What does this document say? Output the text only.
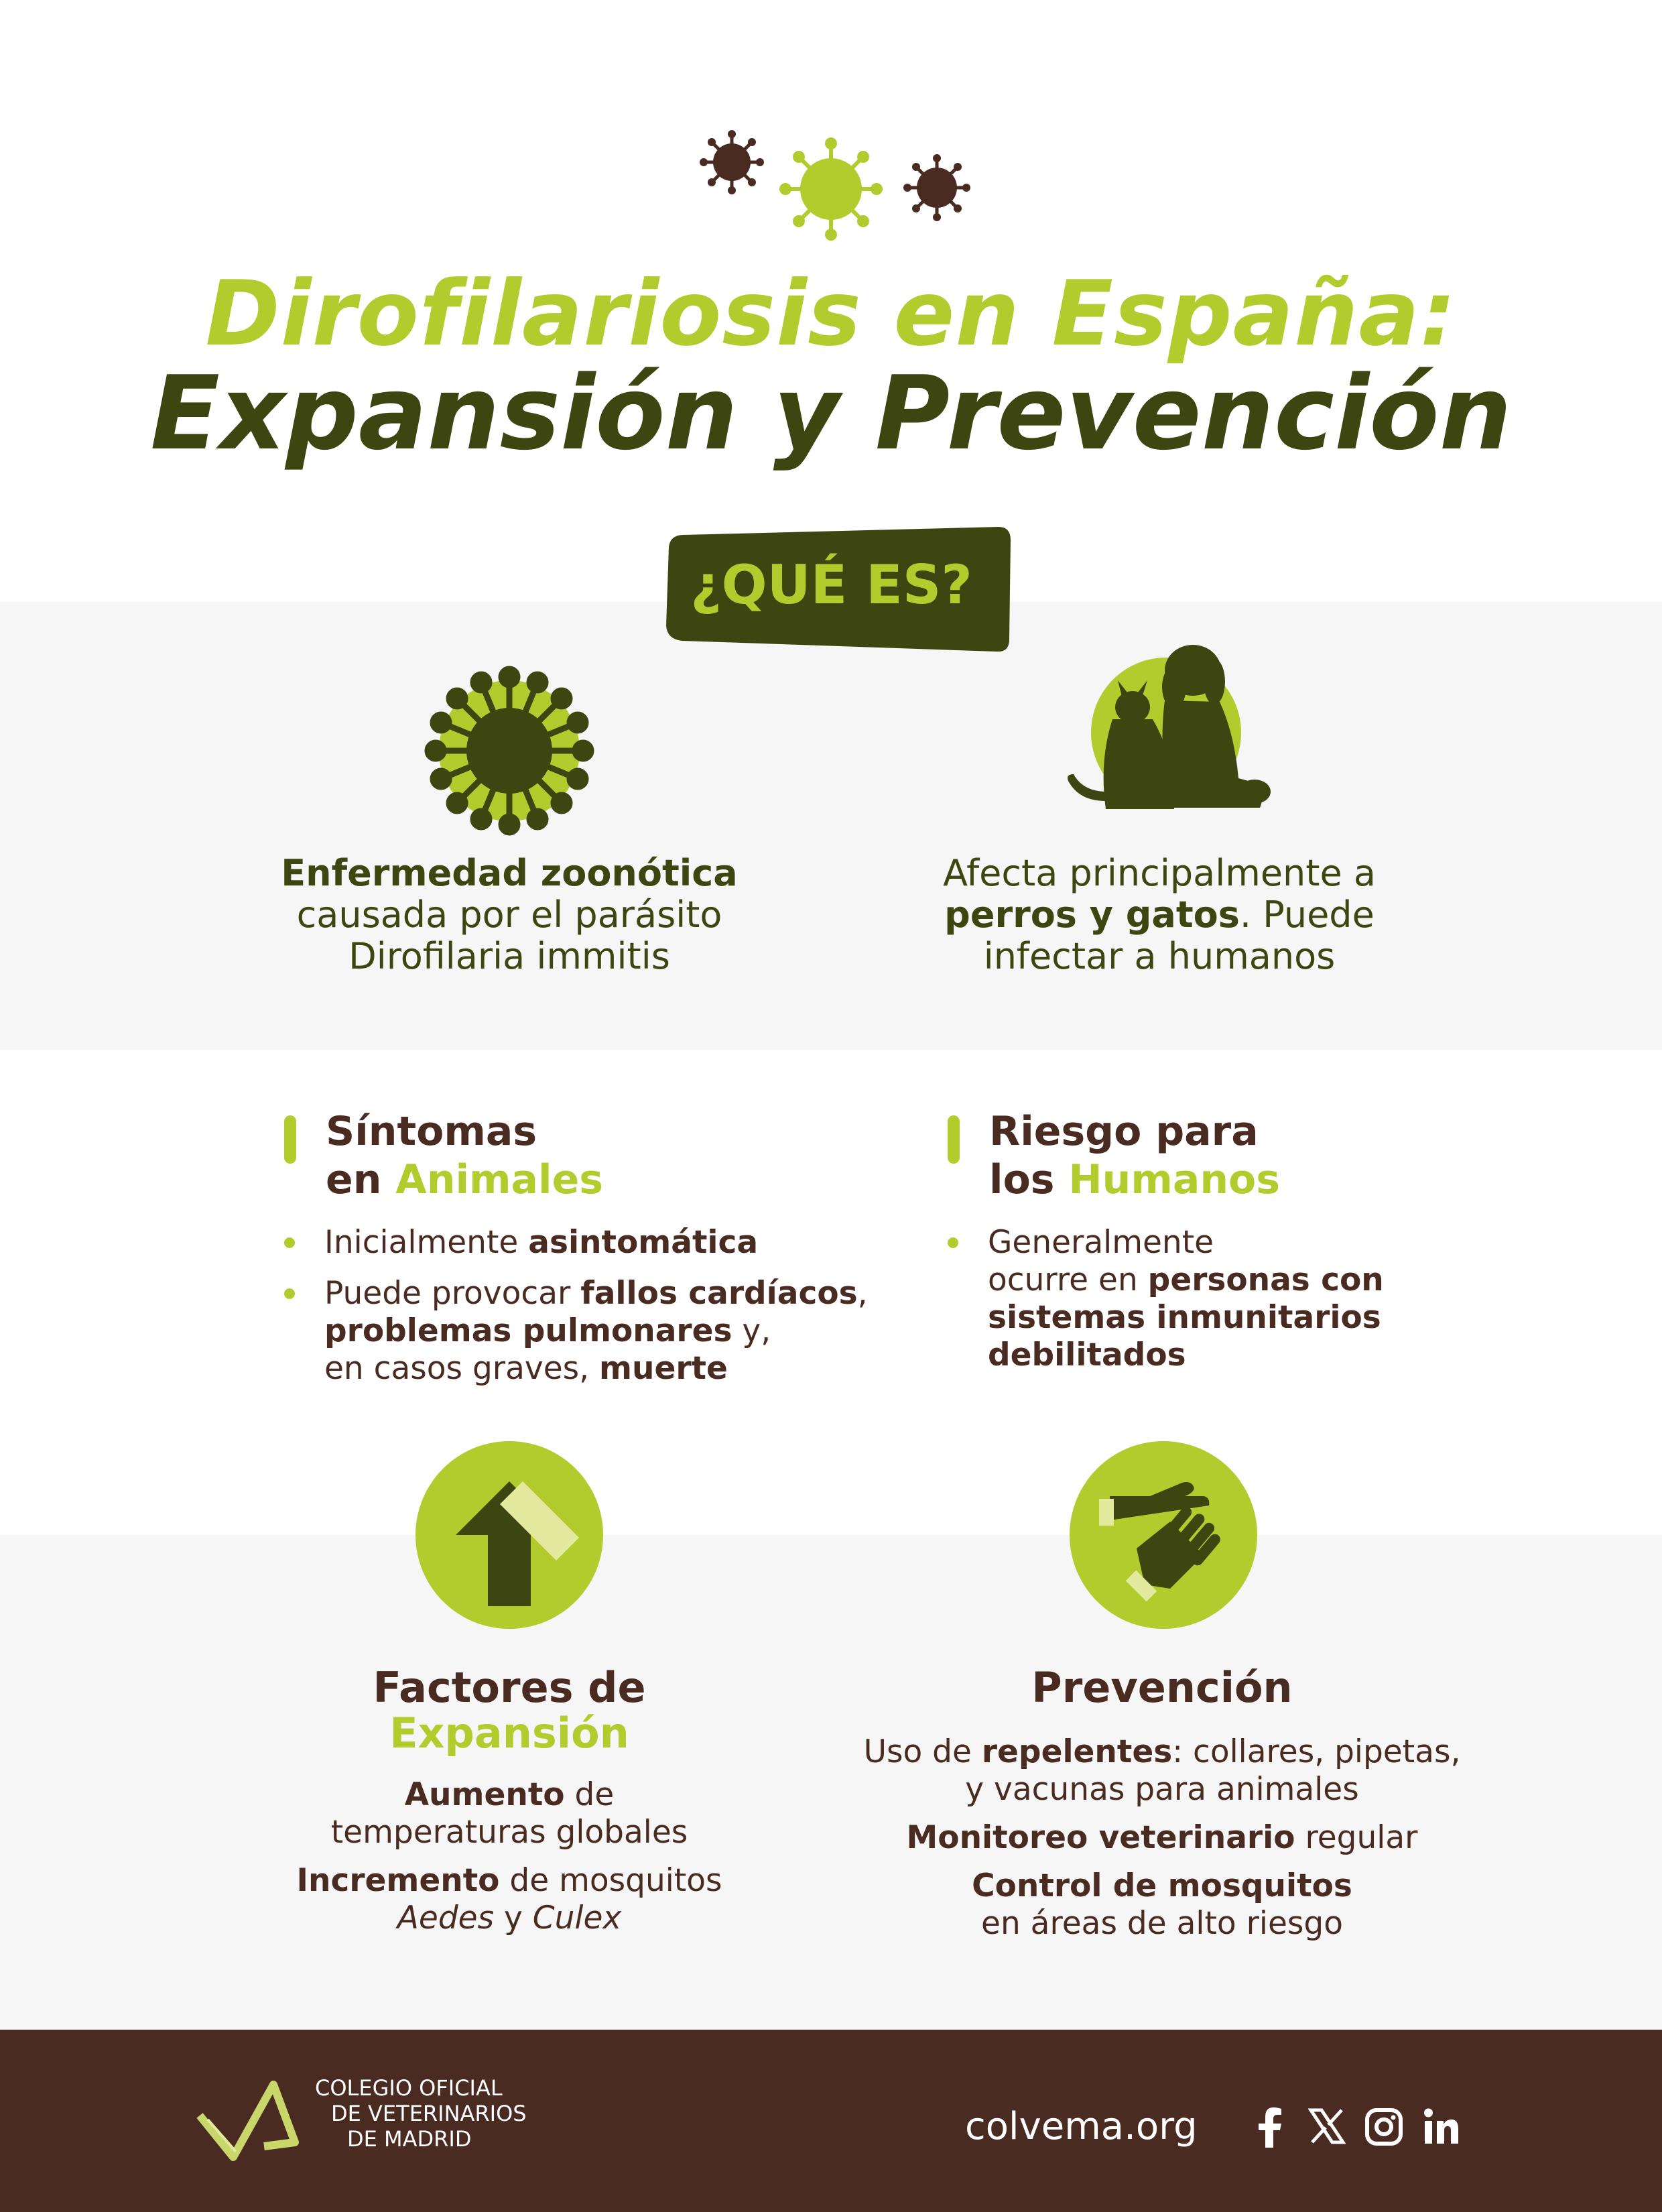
Dirofilariosis en España:
Expansión y Prevención
¿QUÉ ES?
Enfermedad zoonótica
causada por el parásito
Dirofilaria immitis
Afecta principalmente a
perros y gatos. Puede
infectar a humanos
Síntomas
en Animales
Inicialmente asintomática
Puede provocar fallos cardíacos,
problemas pulmonares y,
en casos graves, muerte
Riesgo para
los Humanos
Generalmente
ocurre en personas con
sistemas inmunitarios
debilitados
Factores de
Expansión

Aumento de
temperaturas globales

Incremento de mosquitos
Aedes y Culex

Prevención

Uso de repelentes: collares, pipetas,
y vacunas para animales

Monitoreo veterinario regular

Control de mosquitos
en áreas de alto riesgo

COLEGIO OFICIAL
DE VETERINARIOS
DE MADRID	colvema.org
